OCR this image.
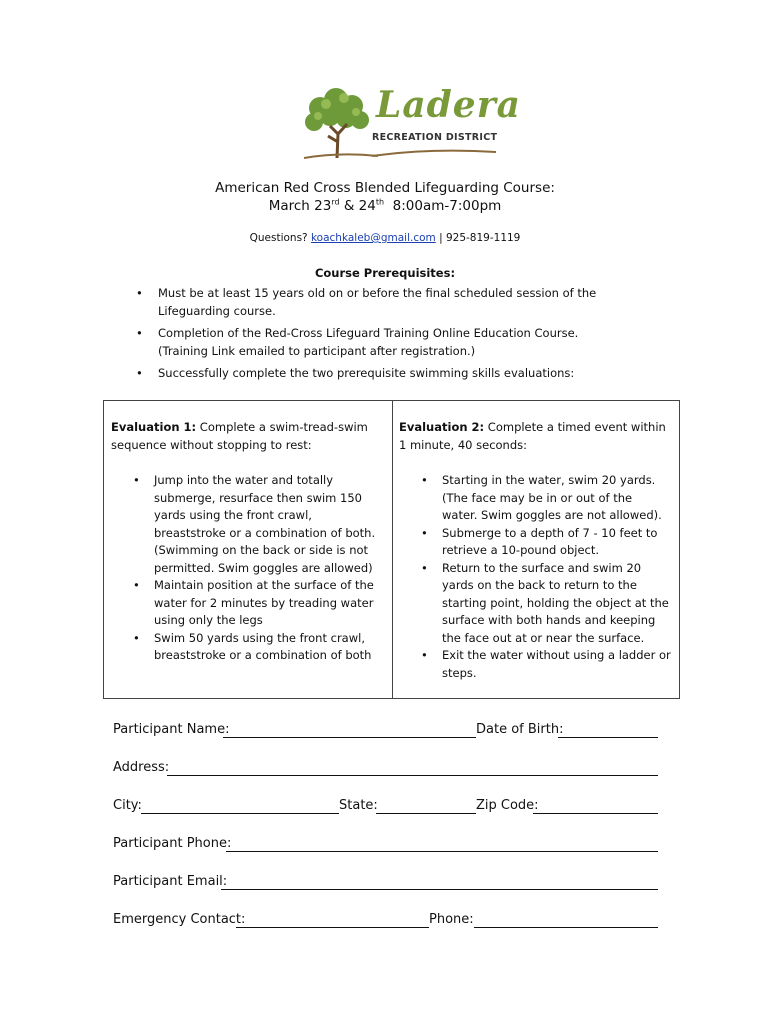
Ladera
RECREATION DISTRICT
American Red Cross Blended Lifeguarding Course:
March 23rd & 24th  8:00am-7:00pm
Questions? koachkaleb@gmail.com | 925-819-1119
Course Prerequisites:
• Must be at least 15 years old on or before the final scheduled session of the Lifeguarding course.
• Completion of the Red-Cross Lifeguard Training Online Education Course. (Training Link emailed to participant after registration.)
• Successfully complete the two prerequisite swimming skills evaluations:
Evaluation 1: Complete a swim-tread-swim sequence without stopping to rest:
• Jump into the water and totally submerge, resurface then swim 150 yards using the front crawl, breaststroke or a combination of both. (Swimming on the back or side is not permitted. Swim goggles are allowed)
• Maintain position at the surface of the water for 2 minutes by treading water using only the legs
• Swim 50 yards using the front crawl, breaststroke or a combination of both
Evaluation 2: Complete a timed event within 1 minute, 40 seconds:
• Starting in the water, swim 20 yards. (The face may be in or out of the water. Swim goggles are not allowed).
• Submerge to a depth of 7 - 10 feet to retrieve a 10-pound object.
• Return to the surface and swim 20 yards on the back to return to the starting point, holding the object at the surface with both hands and keeping the face out at or near the surface.
• Exit the water without using a ladder or steps.
Participant Name:	Date of Birth:
Address:
City:	State:	Zip Code:
Participant Phone:
Participant Email:
Emergency Contact:	Phone:
